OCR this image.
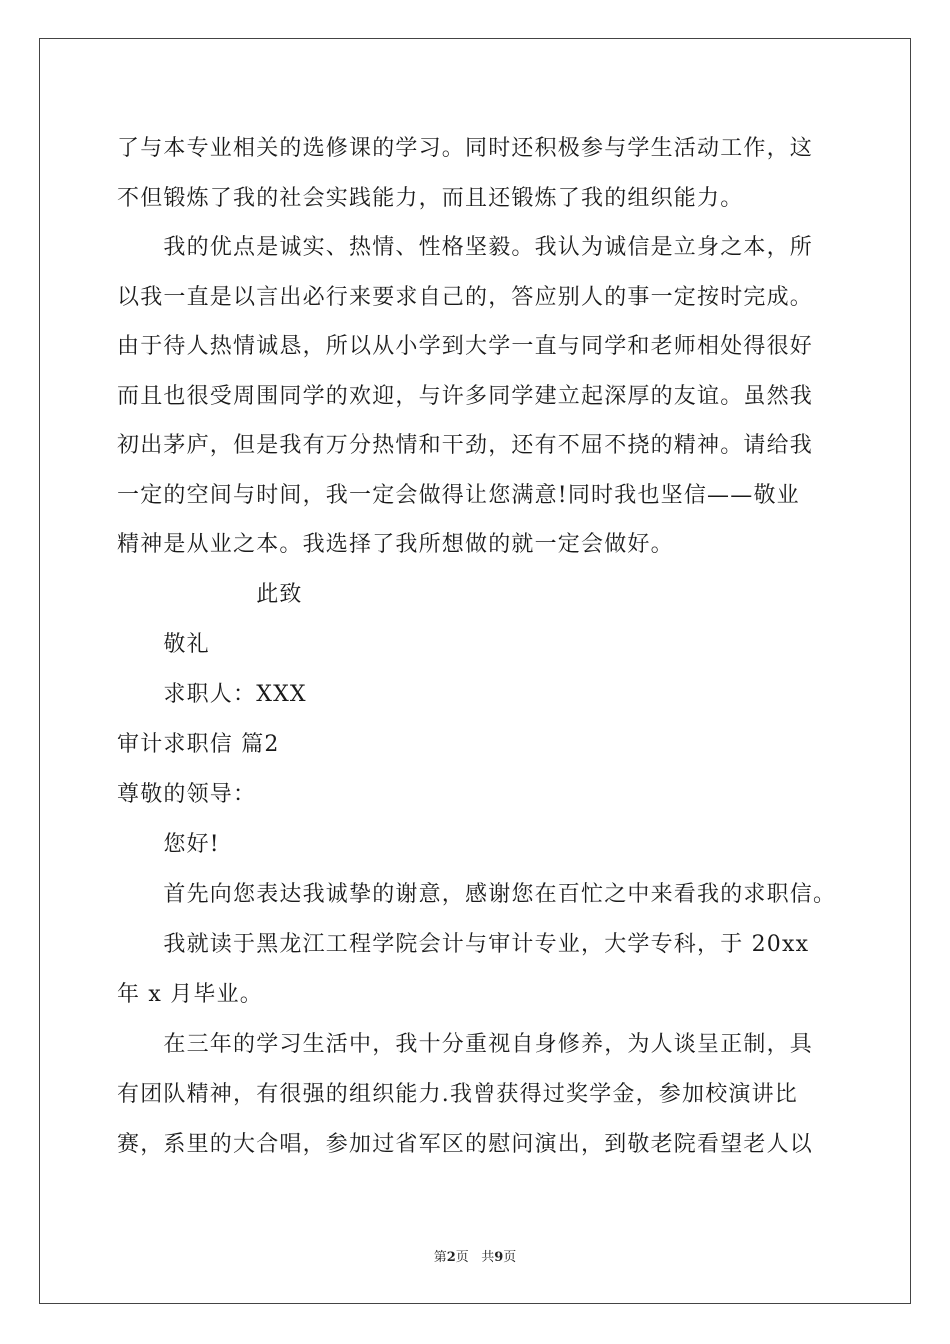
了与本专业相关的选修课的学习。同时还积极参与学生活动工作，这
不但锻炼了我的社会实践能力，而且还锻炼了我的组织能力。
　　我的优点是诚实、热情、性格坚毅。我认为诚信是立身之本，所
以我一直是以言出必行来要求自己的，答应别人的事一定按时完成。
由于待人热情诚恳，所以从小学到大学一直与同学和老师相处得很好
而且也很受周围同学的欢迎，与许多同学建立起深厚的友谊。虽然我
初出茅庐，但是我有万分热情和干劲，还有不屈不挠的精神。请给我
一定的空间与时间，我一定会做得让您满意!同时我也坚信——敬业
精神是从业之本。我选择了我所想做的就一定会做好。
　　　　　　此致
　　敬礼
　　求职人：XXX
审计求职信 篇2
尊敬的领导：
　　您好!
　　首先向您表达我诚挚的谢意，感谢您在百忙之中来看我的求职信。
　　我就读于黑龙江工程学院会计与审计专业，大学专科，于 20xx
年 x 月毕业。
　　在三年的学习生活中，我十分重视自身修养，为人谈呈正制，具
有团队精神，有很强的组织能力.我曾获得过奖学金，参加校演讲比
赛，系里的大合唱，参加过省军区的慰问演出，到敬老院看望老人以
第2页 共9页
